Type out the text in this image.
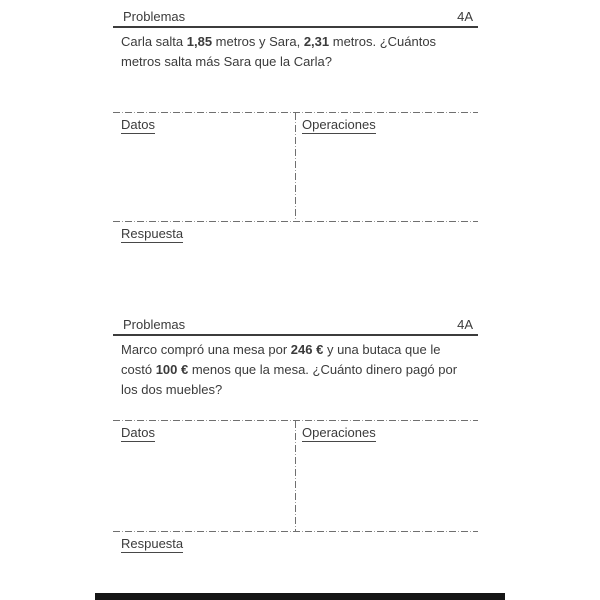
Problemas	4A
Carla salta 1,85 metros y Sara, 2,31 metros. ¿Cuántos
metros salta más Sara que la Carla?
Datos	Operaciones
Respuesta
Problemas	4A
Marco compró una mesa por 246 € y una butaca que le
costó 100 € menos que la mesa. ¿Cuánto dinero pagó por
los dos muebles?
Datos	Operaciones
Respuesta
